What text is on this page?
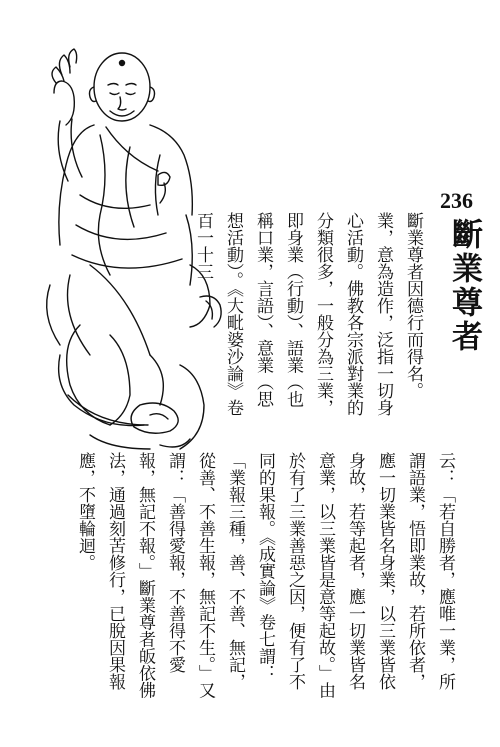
236
斷業尊者
斷業尊者因德行而得名。業，意為造作，泛指一切身心活動。佛教各宗派對業的分類很多，一般分為三業，即身業（行動）、語業（也稱口業，言語）、意業（思想活動）。《大毗婆沙論》卷百一十三
云：「若自勝者，應唯一業，所謂語業，悟即業故，若所依者，應一切業皆名身業，以三業皆依身故，若等起者，應一切業皆名意業，以三業皆是意等起故。」由於有了三業善惡之因，便有了不同的果報。《成實論》卷七謂：「業報三種，善、不善、無記，從善、不善生報，無記不生。」又謂：「善得愛報，不善得不愛報，無記不報。」斷業尊者皈依佛法，通過刻苦修行，已脫因果報應，不墮輪迴。
